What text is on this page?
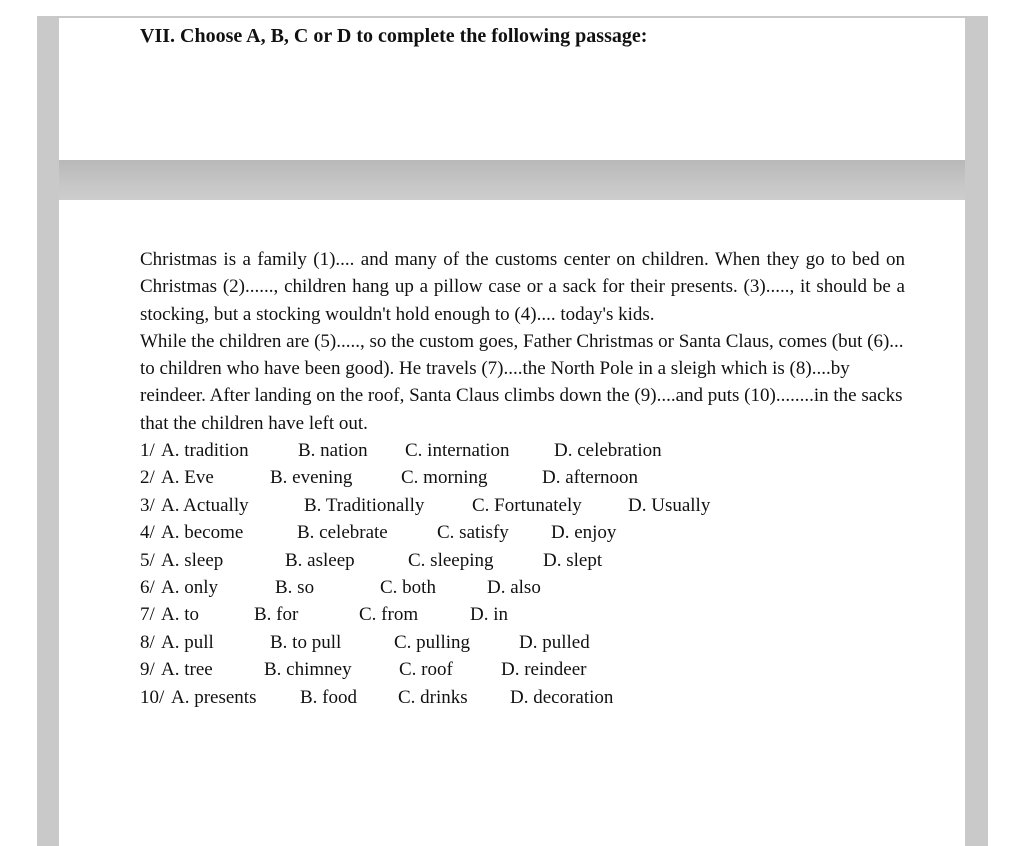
VII. Choose A, B, C or D to complete the following passage:

Christmas is a family (1).... and many of the customs center on children. When they go to bed on Christmas (2)......, children hang up a pillow case or a sack for their presents. (3)....., it should be a stocking, but a stocking wouldn't hold enough to (4).... today's kids.

While the children are (5)....., so the custom goes, Father Christmas or Santa Claus, comes (but (6)... to children who have been good). He travels (7)....the North Pole in a sleigh which is (8)....by reindeer. After landing on the roof, Santa Claus climbs down the (9)....and puts (10)........in the sacks that the children have left out.

1/ A. tradition	B. nation C. internation D. celebration
2/ A. Eve	B. evening	C. morning	D. afternoon
3/ A. Actually	B. Traditionally	C. Fortunately D. Usually
4/ A. become	B. celebrate	C. satisfy D. enjoy
5/ A. sleep	B. asleep	C. sleeping	D. slept
6/ A. only	B. so	C. both	D. also
7/ A. to	B. for	C. from	D. in
8/ A. pull	B. to pull	C. pulling	D. pulled
9/ A. tree	B. chimney C. roof	D. reindeer
10/ A. presents B. food C. drinks D. decoration
